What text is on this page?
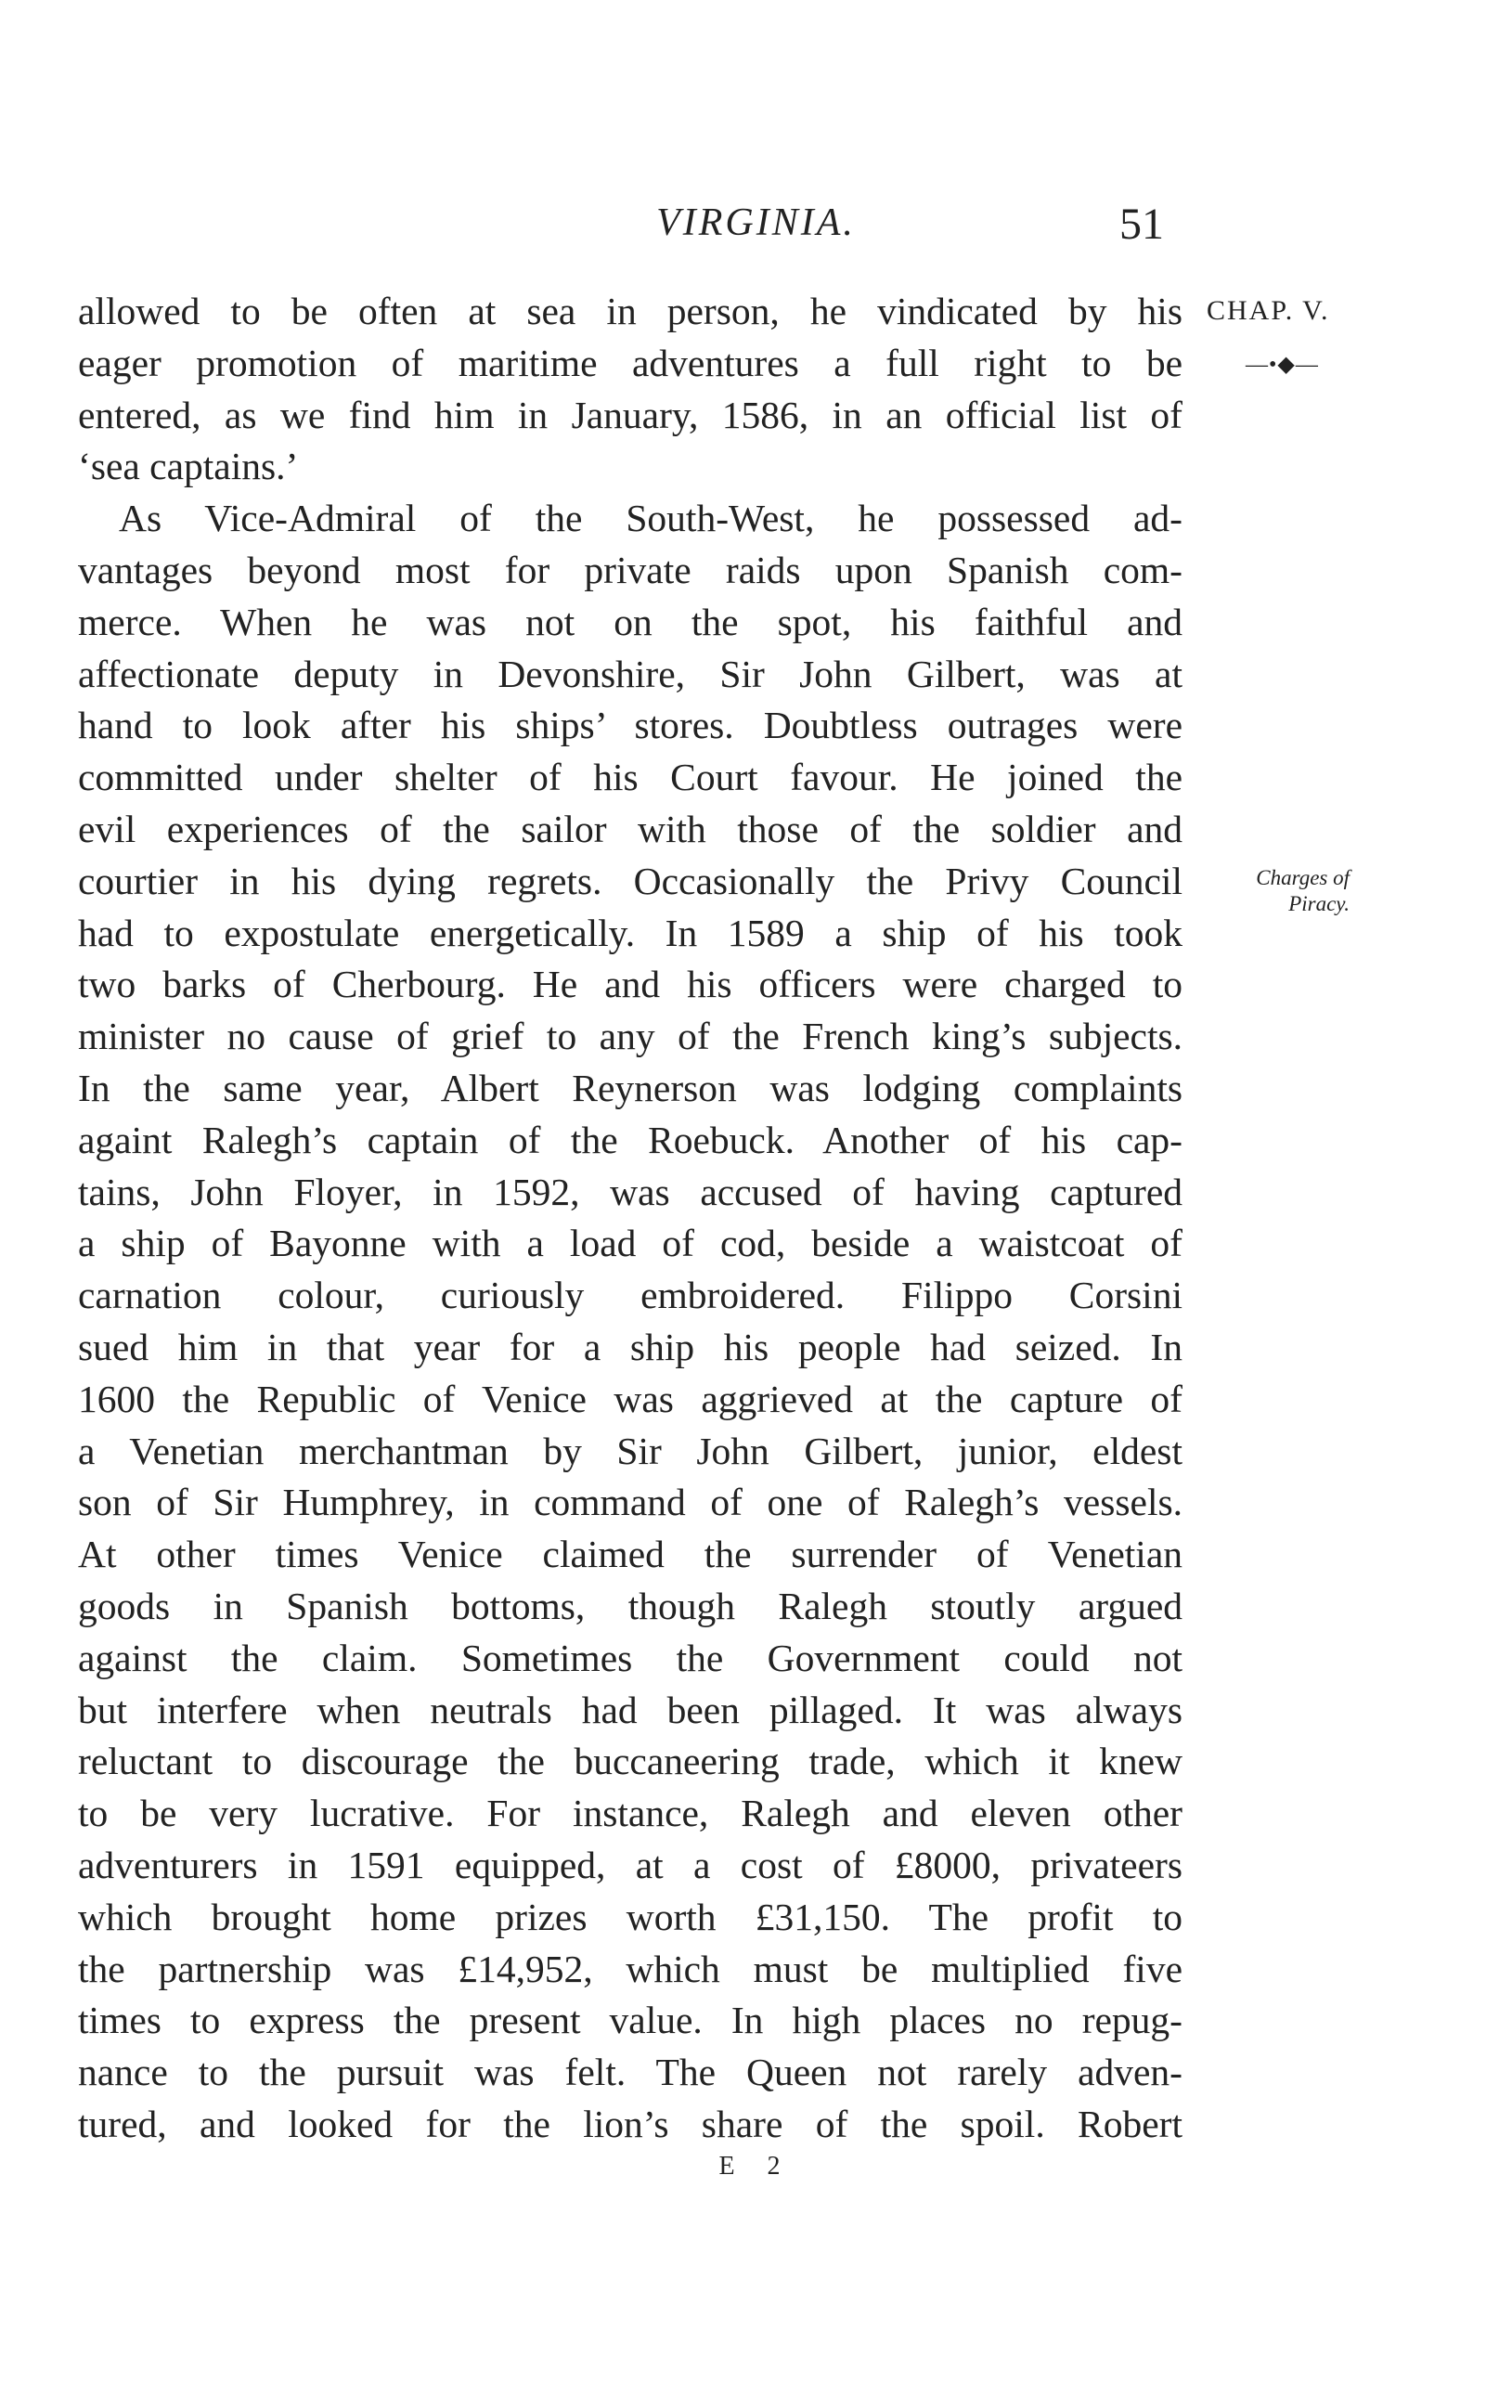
VIRGINIA.	51
CHAP. V.
—•◆—
Charges of Piracy.
allowed to be often at sea in person, he vindicated by his
eager promotion of maritime adventures a full right to be
entered, as we find him in January, 1586, in an official list of
‘sea captains.’
As Vice-Admiral of the South-West, he possessed ad-
vantages beyond most for private raids upon Spanish com-
merce. When he was not on the spot, his faithful and
affectionate deputy in Devonshire, Sir John Gilbert, was at
hand to look after his ships’ stores. Doubtless outrages were
committed under shelter of his Court favour. He joined the
evil experiences of the sailor with those of the soldier and
courtier in his dying regrets. Occasionally the Privy Council
had to expostulate energetically. In 1589 a ship of his took
two barks of Cherbourg. He and his officers were charged to
minister no cause of grief to any of the French king’s subjects.
In the same year, Albert Reynerson was lodging complaints
againt Ralegh’s captain of the Roebuck. Another of his cap-
tains, John Floyer, in 1592, was accused of having captured
a ship of Bayonne with a load of cod, beside a waistcoat of
carnation colour, curiously embroidered. Filippo Corsini
sued him in that year for a ship his people had seized. In
1600 the Republic of Venice was aggrieved at the capture of
a Venetian merchantman by Sir John Gilbert, junior, eldest
son of Sir Humphrey, in command of one of Ralegh’s vessels.
At other times Venice claimed the surrender of Venetian
goods in Spanish bottoms, though Ralegh stoutly argued
against the claim. Sometimes the Government could not
but interfere when neutrals had been pillaged. It was always
reluctant to discourage the buccaneering trade, which it knew
to be very lucrative. For instance, Ralegh and eleven other
adventurers in 1591 equipped, at a cost of £8000, privateers
which brought home prizes worth £31,150. The profit to
the partnership was £14,952, which must be multiplied five
times to express the present value. In high places no repug-
nance to the pursuit was felt. The Queen not rarely adven-
tured, and looked for the lion’s share of the spoil. Robert
E 2
